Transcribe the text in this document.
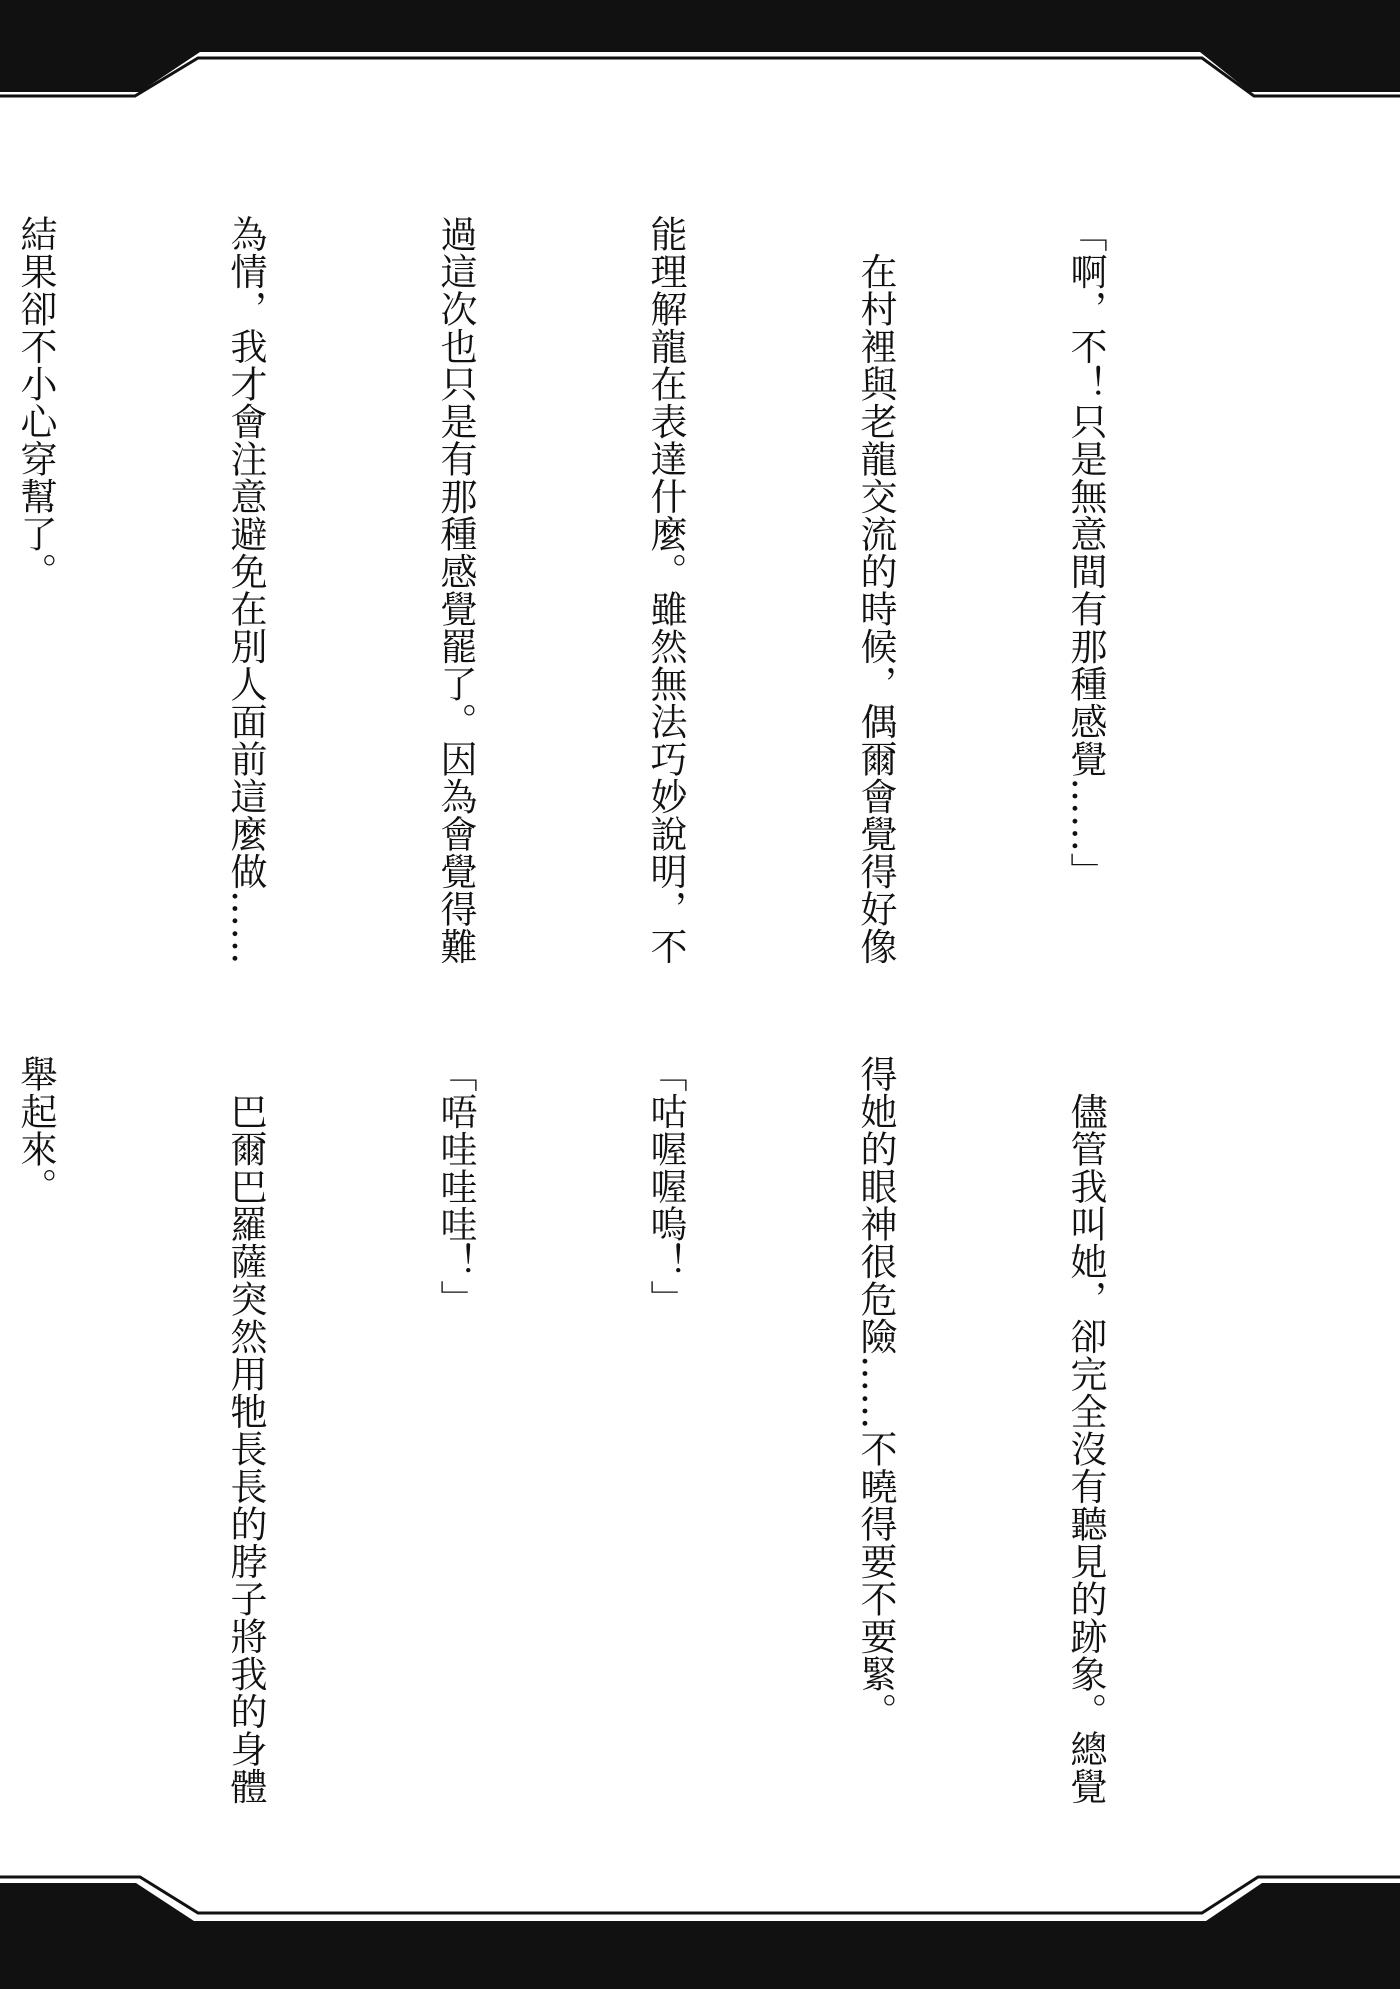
「啊，不！只是無意間有那種感覺……」

　在村裡與老龍交流的時候，偶爾會覺得好像

能理解龍在表達什麼。雖然無法巧妙說明，不

過這次也只是有那種感覺罷了。因為會覺得難

為情，我才會注意避免在別人面前這麼做……

結果卻不小心穿幫了。

　儘管我叫她，卻完全沒有聽見的跡象。總覺

得她的眼神很危險……不曉得要不要緊。

「咕喔喔嗚！」

「唔哇哇哇！」

　巴爾巴羅薩突然用牠長長的脖子將我的身體

舉起來。
